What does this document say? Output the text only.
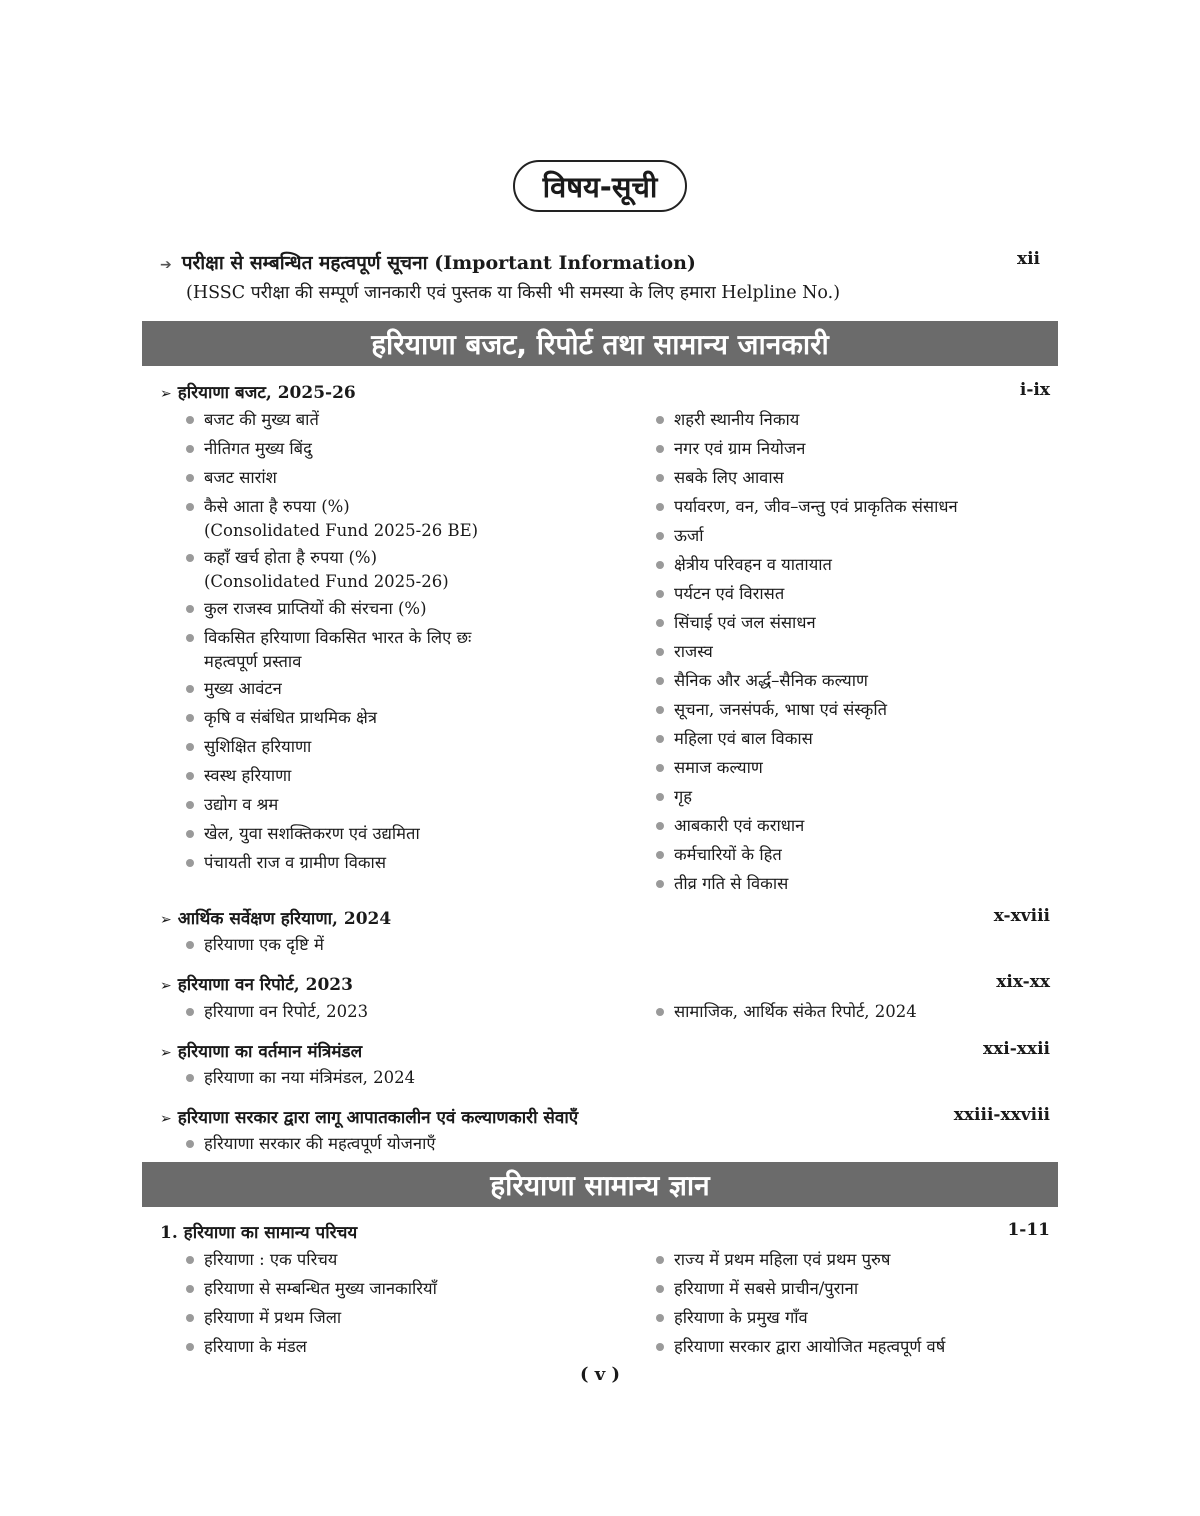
विषय-सूची
➔ परीक्षा से सम्बन्धित महत्वपूर्ण सूचना (Important Information)
(HSSC परीक्षा की सम्पूर्ण जानकारी एवं पुस्तक या किसी भी समस्या के लिए हमारा Helpline No.)
xii
हरियाणा बजट, रिपोर्ट तथा सामान्य जानकारी
➢ हरियाणा बजट, 2025-26	i-ix
बजट की मुख्य बातें
नीतिगत मुख्य बिंदु
बजट सारांश
कैसे आता है रुपया (%)
(Consolidated Fund 2025-26 BE)
कहाँ खर्च होता है रुपया (%)
(Consolidated Fund 2025-26)
कुल राजस्व प्राप्तियों की संरचना (%)
विकसित हरियाणा विकसित भारत के लिए छः
महत्वपूर्ण प्रस्ताव
मुख्य आवंटन
कृषि व संबंधित प्राथमिक क्षेत्र
सुशिक्षित हरियाणा
स्वस्थ हरियाणा
उद्योग व श्रम
खेल, युवा सशक्तिकरण एवं उद्यमिता
पंचायती राज व ग्रामीण विकास
शहरी स्थानीय निकाय
नगर एवं ग्राम नियोजन
सबके लिए आवास
पर्यावरण, वन, जीव–जन्तु एवं प्राकृतिक संसाधन
ऊर्जा
क्षेत्रीय परिवहन व यातायात
पर्यटन एवं विरासत
सिंचाई एवं जल संसाधन
राजस्व
सैनिक और अर्द्ध–सैनिक कल्याण
सूचना, जनसंपर्क, भाषा एवं संस्कृति
महिला एवं बाल विकास
समाज कल्याण
गृह
आबकारी एवं कराधान
कर्मचारियों के हित
तीव्र गति से विकास
➢ आर्थिक सर्वेक्षण हरियाणा, 2024	x-xviii
हरियाणा एक दृष्टि में
➢ हरियाणा वन रिपोर्ट, 2023	xix-xx
हरियाणा वन रिपोर्ट, 2023	सामाजिक, आर्थिक संकेत रिपोर्ट, 2024
➢ हरियाणा का वर्तमान मंत्रिमंडल	xxi-xxii
हरियाणा का नया मंत्रिमंडल, 2024
➢ हरियाणा सरकार द्वारा लागू आपातकालीन एवं कल्याणकारी सेवाएँ	xxiii-xxviii
हरियाणा सरकार की महत्वपूर्ण योजनाएँ
हरियाणा सामान्य ज्ञान
1. हरियाणा का सामान्य परिचय	1-11
हरियाणा : एक परिचय
हरियाणा से सम्बन्धित मुख्य जानकारियाँ
हरियाणा में प्रथम जिला
हरियाणा के मंडल
राज्य में प्रथम महिला एवं प्रथम पुरुष
हरियाणा में सबसे प्राचीन/पुराना
हरियाणा के प्रमुख गाँव
हरियाणा सरकार द्वारा आयोजित महत्वपूर्ण वर्ष
( v )
